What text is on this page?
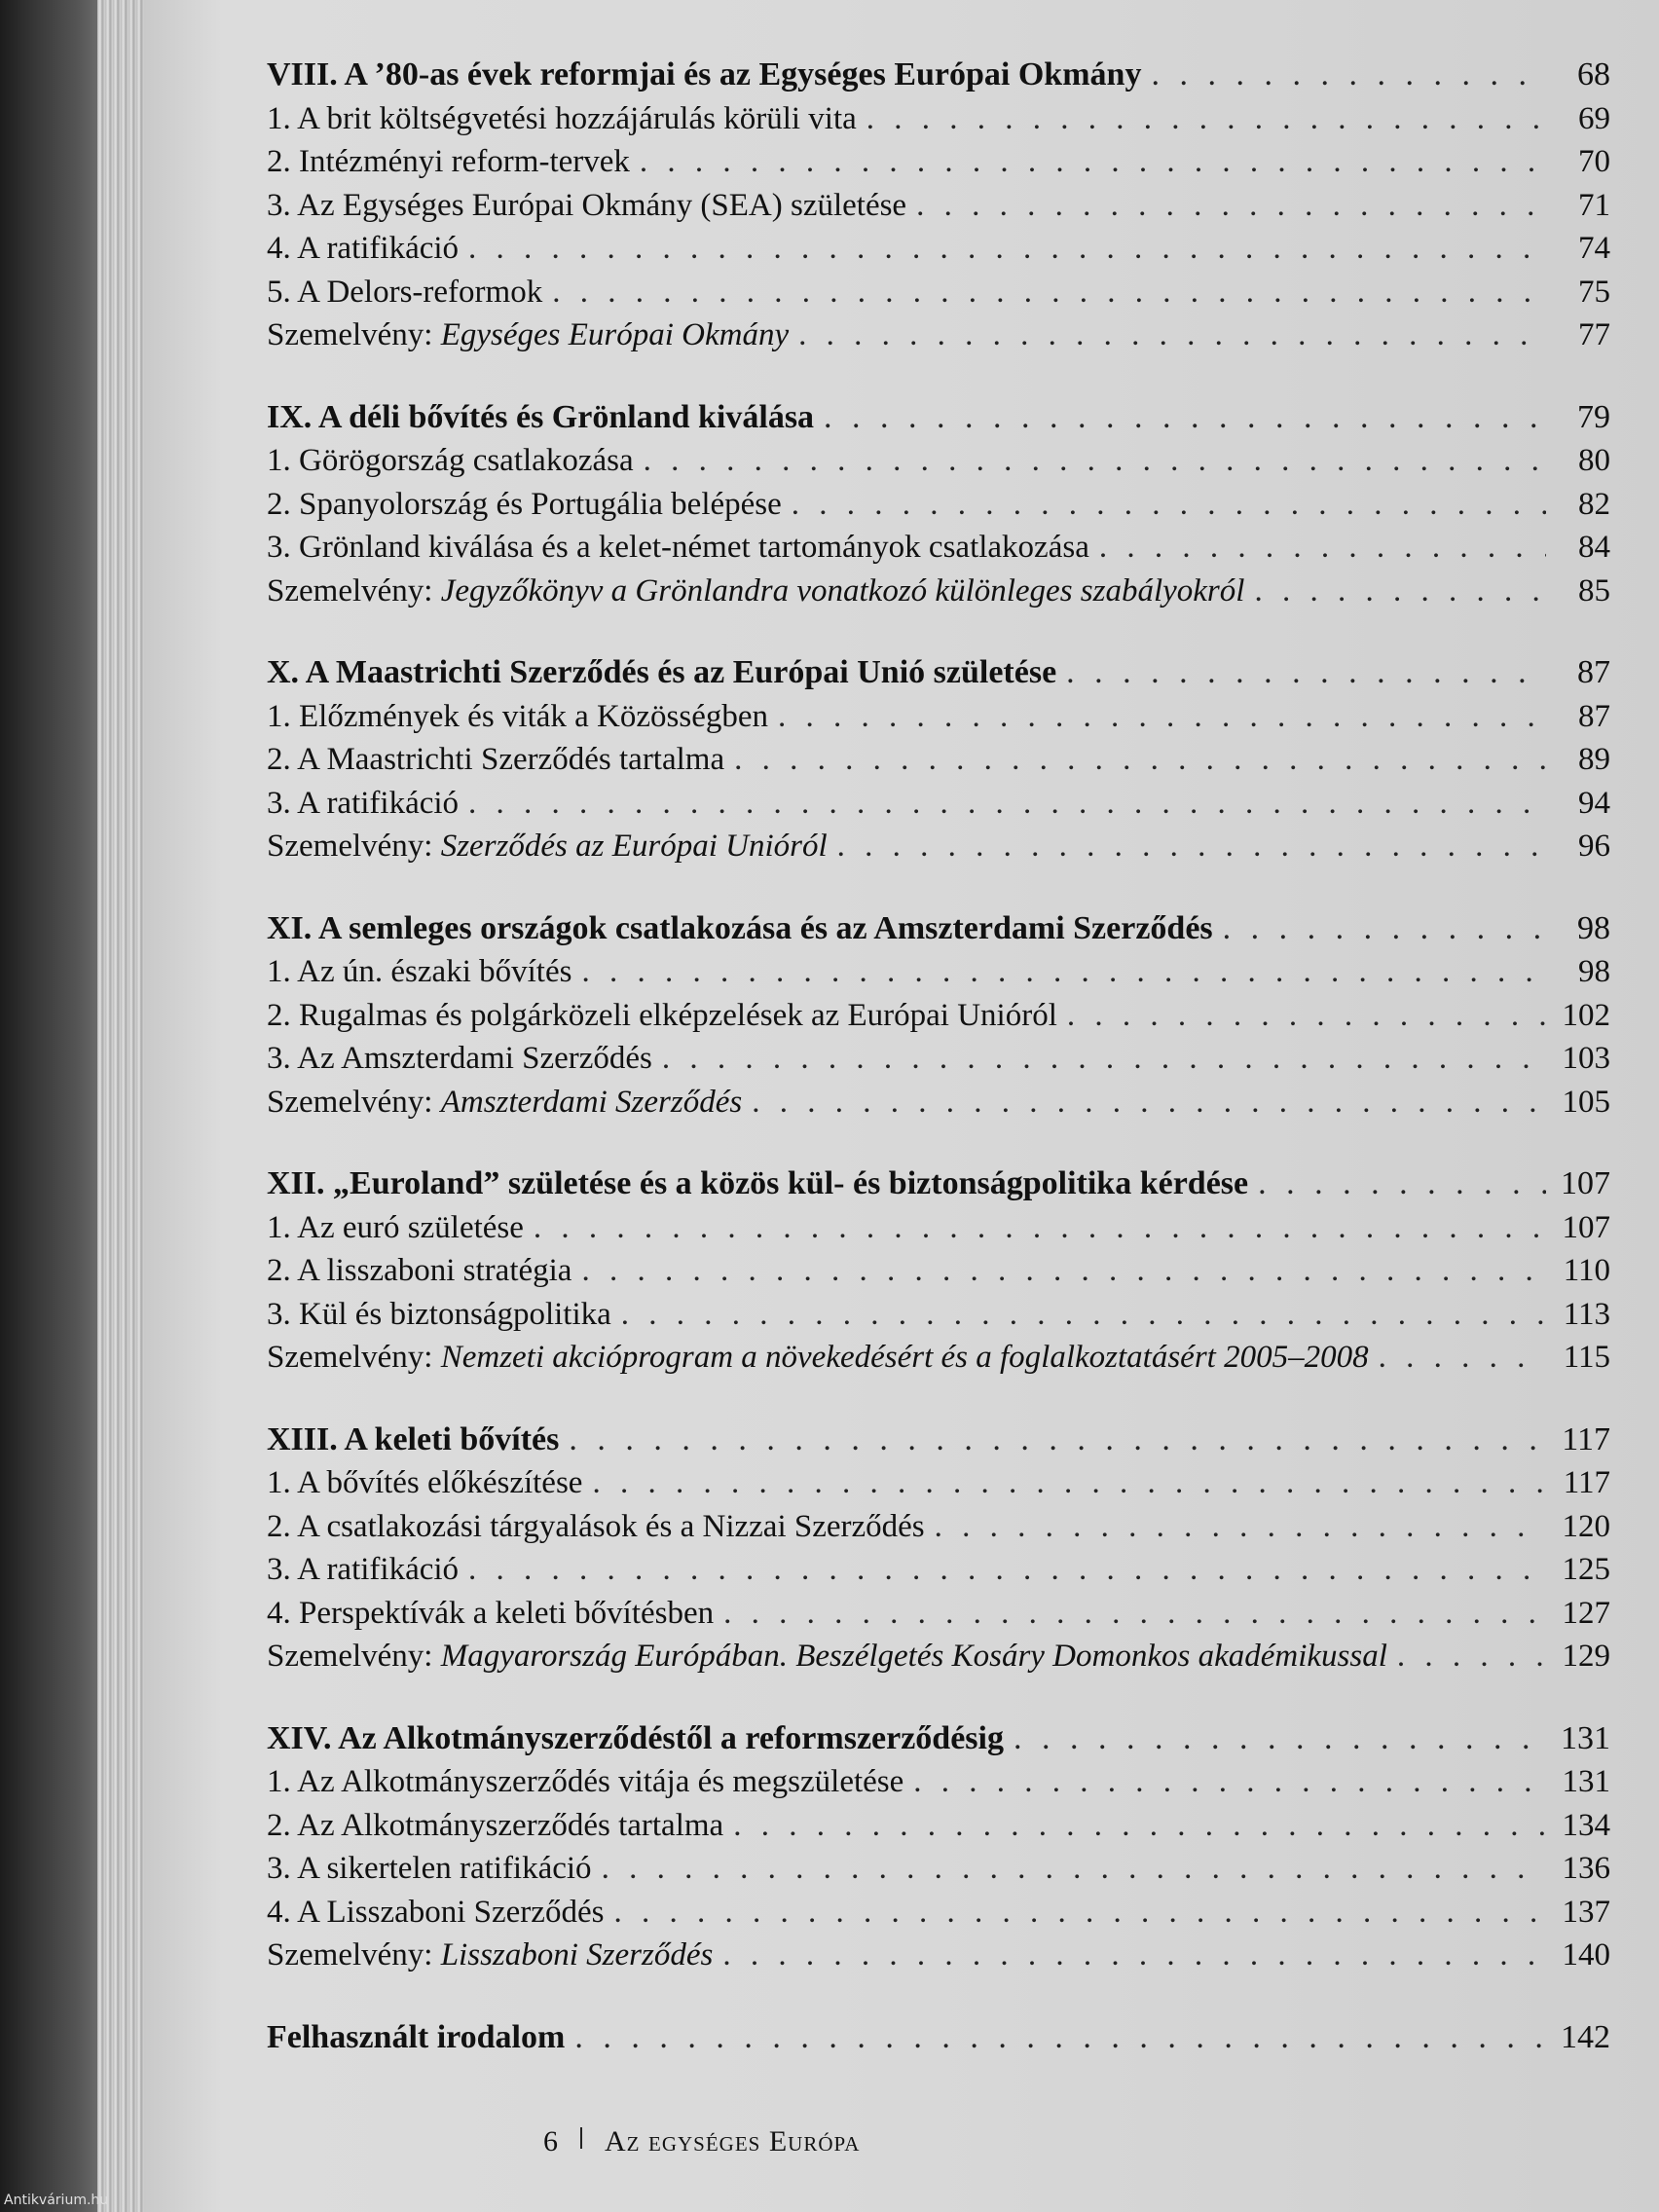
VIII. A ’80-as évek reformjai és az Egységes Európai Okmány . . .	68
1. A brit költségvetési hozzájárulás körüli vita . . .	69
2. Intézményi reform-tervek . . .	70
3. Az Egységes Európai Okmány (SEA) születése . . .	71
4. A ratifikáció . . .	74
5. A Delors-reformok . . .	75
Szemelvény: Egységes Európai Okmány . . .	77
IX. A déli bővítés és Grönland kiválása . . .	79
1. Görögország csatlakozása . . .	80
2. Spanyolország és Portugália belépése . . .	82
3. Grönland kiválása és a kelet-német tartományok csatlakozása . . .	84
Szemelvény: Jegyzőkönyv a Grönlandra vonatkozó különleges szabályokról . . .	85
X. A Maastrichti Szerződés és az Európai Unió születése . . .	87
1. Előzmények és viták a Közösségben . . .	87
2. A Maastrichti Szerződés tartalma . . .	89
3. A ratifikáció . . .	94
Szemelvény: Szerződés az Európai Unióról . . .	96
XI. A semleges országok csatlakozása és az Amszterdami Szerződés . . .	98
1. Az ún. északi bővítés . . .	98
2. Rugalmas és polgárközeli elképzelések az Európai Unióról . . .	102
3. Az Amszterdami Szerződés . . .	103
Szemelvény: Amszterdami Szerződés . . .	105
XII. „Euroland” születése és a közös kül- és biztonságpolitika kérdése . . .	107
1. Az euró születése . . .	107
2. A lisszaboni stratégia . . .	110
3. Kül és biztonságpolitika . . .	113
Szemelvény: Nemzeti akcióprogram a növekedésért és a foglalkoztatásért 2005–2008 . . .	115
XIII. A keleti bővítés . . .	117
1. A bővítés előkészítése . . .	117
2. A csatlakozási tárgyalások és a Nizzai Szerződés . . .	120
3. A ratifikáció . . .	125
4. Perspektívák a keleti bővítésben . . .	127
Szemelvény: Magyarország Európában. Beszélgetés Kosáry Domonkos akadémikussal . . .	129
XIV. Az Alkotmányszerződéstől a reformszerződésig . . .	131
1. Az Alkotmányszerződés vitája és megszületése . . .	131
2. Az Alkotmányszerződés tartalma . . .	134
3. A sikertelen ratifikáció . . .	136
4. A Lisszaboni Szerződés . . .	137
Szemelvény: Lisszaboni Szerződés . . .	140
Felhasznált irodalom . . .	142
6 Az egységes Európa
Antikvárium.hu
